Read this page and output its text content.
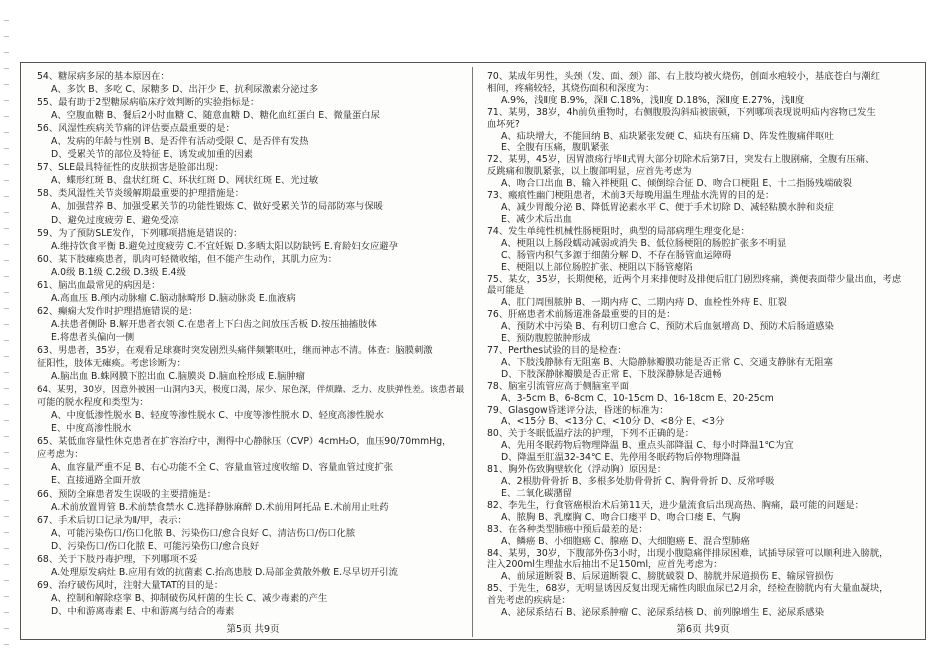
54、糖尿病多尿的基本原因在：
A、多饮 B、多吃 C、尿糖多 D、出汗少 E、抗利尿激素分泌过多
55、最有助于2型糖尿病临床疗效判断的实验指标是：
A、空腹血糖 B、餐后2小时血糖 C、随意血糖 D、糖化血红蛋白 E、微量蛋白尿
56、风湿性疾病关节痛的评估要点最重要的是：
A、发病的年龄与性别 B、是否伴有活动受限 C、是否伴有发热
D、受累关节的部位及特征 E、诱发或加重的因素
57、SLE最具特征性的皮肤损害是脸部出现：
A、蝶形红斑 B、盘状红斑 C、环状红斑 D、网状红斑 E、光过敏
58、类风湿性关节炎缓解期最重要的护理措施是：
A、加强营养 B、加强受累关节的功能性锻炼 C、做好受累关节的局部防寒与保暖
D、避免过度疲劳 E、避免受凉
59、为了预防SLE发作，下列哪项措施是错误的：
A.维持饮食平衡 B.避免过度疲劳 C.不宜妊娠 D.多晒太阳以防缺钙 E.育龄妇女应避孕
60、某下肢瘫痪患者，肌肉可轻微收缩，但不能产生动作，其肌力应为：
A.0级 B.1级 C.2级 D.3级 E.4级
61、脑出血最常见的病因是：
A.高血压 B.颅内动脉瘤 C.脑动脉畸形 D.脑动脉炎 E.血液病
62、癫痫大发作时护理措施错误的是：
A.扶患者侧卧 B.解开患者衣领 C.在患者上下臼齿之间放压舌板 D.按压抽搐肢体
E.将患者头偏向一侧
63、男患者，35岁，在观看足球赛时突发剧烈头痛伴频繁呕吐，继而神志不清。体查：脑膜刺激
征阳性，肢体无瘫痪。考虑诊断为：
A.脑出血 B.蛛网膜下腔出血 C.脑膜炎 D.脑血栓形成 E.脑肿瘤
64、某男，30岁，因意外被困一山洞内3天，极度口渴，尿少、尿色深，伴烦躁、乏力、皮肤弹性差。该患者最
可能的脱水程度和类型为：
A、中度低渗性脱水 B、轻度等渗性脱水 C、中度等渗性脱水 D、轻度高渗性脱水
E、中度高渗性脱水
65、某低血容量性休克患者在扩容治疗中，测得中心静脉压（CVP）4cmH₂O，血压90/70mmHg，
应考虑为：
A、血容量严重不足 B、右心功能不全 C、容量血管过度收缩 D、容量血管过度扩张
E、直接通路全面开放
66、预防全麻患者发生误吸的主要措施是：
A.术前放置胃管 B.术前禁食禁水 C.选择静脉麻醉 D.术前用阿托品 E.术前用止吐药
67、手术后切口记录为Ⅱ/甲，表示：
A、可能污染伤口/伤口化脓 B、污染伤口/愈合良好 C、清洁伤口/伤口化脓
D、污染伤口/伤口化脓 E、可能污染伤口/愈合良好
68、关于下肢丹毒护理，下列哪项不妥
A.处理原发病灶 B.应用有效的抗菌素 C.抬高患肢 D.局部金黄散外敷 E.尽早切开引流
69、治疗破伤风时，注射大量TAT的目的是：
A、控制和解除痉挛 B、抑制破伤风杆菌的生长 C、减少毒素的产生
D、中和游离毒素 E、中和游离与结合的毒素
70、某成年男性，头颈（发、面、颈）部、右上肢均被火烧伤，创面水疱较小，基底苍白与潮红
相间，疼痛较轻，其烧伤面积和深度为：
A.9%，浅Ⅱ度 B.9%，深Ⅱ C.18%，浅Ⅱ度 D.18%，深Ⅱ度 E.27%，浅Ⅱ度
71、某男，38岁，4h前负重物时，右侧腹股沟斜疝被嵌顿，下列哪项表现说明疝内容物已发生
血坏死?
A、疝块增大，不能回纳 B、疝块紧张发硬 C、疝块有压痛 D、阵发性腹痛伴呕吐
E、全腹有压痛，腹肌紧张
72、某男，45岁，因胃溃疡行毕Ⅱ式胃大部分切除术后第7日，突发右上腹剧痛，全腹有压痛、
反跳痛和腹肌紧张，以上腹部明显，应首先考虑为
A、吻合口出血 B、输入袢梗阻 C、倾倒综合征 D、吻合口梗阻 E、十二指肠残端破裂
73、瘢痕性幽门梗阻患者，术前3天每晚用温生理盐水洗胃的目的是：
A、减少胃酸分泌 B、降低胃泌素水平 C、便于手术切除 D、减轻粘膜水肿和炎症
E、减少术后出血
74、发生单纯性机械性肠梗阻时，典型的局部病理生理变化是：
A、梗阻以上肠段蠕动减弱或消失 B、低位肠梗阻的肠腔扩张多不明显
C、肠管内积气多源于细菌分解 D、不存在肠管血运障碍
E、梗阻以上部位肠腔扩张、梗阻以下肠管瘪陷
75、某女，35岁，长期便秘，近两个月来排便时及排便后肛门剧烈疼痛，粪便表面带少量出血，考虑
最可能是
A、肛门周围脓肿 B、一期内痔 C、二期内痔 D、血栓性外痔 E、肛裂
76、肝癌患者术前肠道准备最重要的目的是：
A、预防术中污染 B、有利切口愈合 C、预防术后血氨增高 D、预防术后肠道感染
E、预防腹腔脓肿形成
77、Perthes试验的目的是检查：
A、下肢浅静脉有无阻塞 B、大隐静脉瓣膜功能是否正常 C、交通支静脉有无阻塞
D、下肢深静脉瓣膜是否正常 E、下肢深静脉是否通畅
78、脑室引流管应高于侧脑室平面
A、3-5cm B、6-8cm C、10-15cm D、16-18cm E、20-25cm
79、Glasgow昏迷评分法，昏迷的标准为：
A、<15分 B、<13分 C、<10分 D、<8分 E、<3分
80、关于冬眠低温疗法的护理，下列不正确的是：
A、先用冬眠药物后物理降温 B、重点头部降温 C、每小时降温1℃为宜
D、降温至肛温32-34℃ E、先停用冬眠药物后停物理降温
81、胸外伤致胸壁软化（浮动胸）原因是：
A、2根肋骨骨折 B、多根多处肋骨骨折 C、胸骨骨折 D、反常呼吸
E、二氧化碳潴留
82、李先生，行食管癌根治术后第11天，进少量流食后出现高热、胸痛，最可能的问题是：
A、脓胸 B、乳糜胸 C、吻合口瘘平 D、吻合口瘘 E、气胸
83、在各种类型肺癌中预后最差的是：
A、鳞癌 B、小细胞癌 C、腺癌 D、大细胞癌 E、混合型肺癌
84、某男，30岁，下腹部外伤3小时，出现小腹隐痛伴排尿困难，试插导尿管可以顺利进入膀胱，
注入200ml生理盐水后抽出不足150ml，应首先考虑为：
A、前尿道断裂 B、后尿道断裂 C、膀胱破裂 D、膀胱并尿道损伤 E、输尿管损伤
85、于先生，68岁，无明显诱因反复出现无痛性肉眼血尿已2月余，经检查膀胱内有大量血凝块，
首先考虑的疾病是：
A、泌尿系结石 B、泌尿系肿瘤 C、泌尿系结核 D、前列腺增生 E、泌尿系感染
第5页 共9页	第6页 共9页
